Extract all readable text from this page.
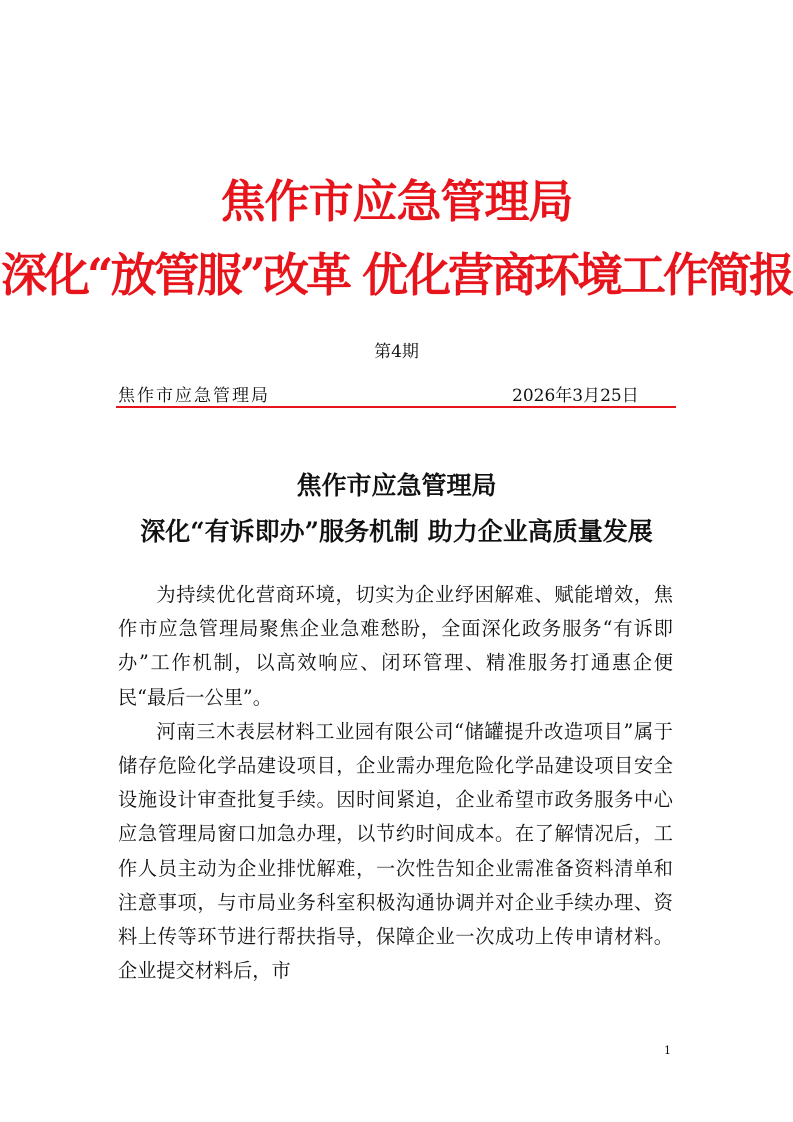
焦作市应急管理局
深化“放管服”改革 优化营商环境工作简报
第4期
焦作市应急管理局	2026年3月25日
焦作市应急管理局
深化“有诉即办”服务机制 助力企业高质量发展

为持续优化营商环境，切实为企业纾困解难、赋能增效，焦作市应急管理局聚焦企业急难愁盼，全面深化政务服务“有诉即办”工作机制，以高效响应、闭环管理、精准服务打通惠企便民“最后一公里”。

河南三木表层材料工业园有限公司“储罐提升改造项目”属于储存危险化学品建设项目，企业需办理危险化学品建设项目安全设施设计审查批复手续。因时间紧迫，企业希望市政务服务中心应急管理局窗口加急办理，以节约时间成本。在了解情况后，工作人员主动为企业排忧解难，一次性告知企业需准备资料清单和注意事项，与市局业务科室积极沟通协调并对企业手续办理、资料上传等环节进行帮扶指导，保障企业一次成功上传申请材料。企业提交材料后，市

1
